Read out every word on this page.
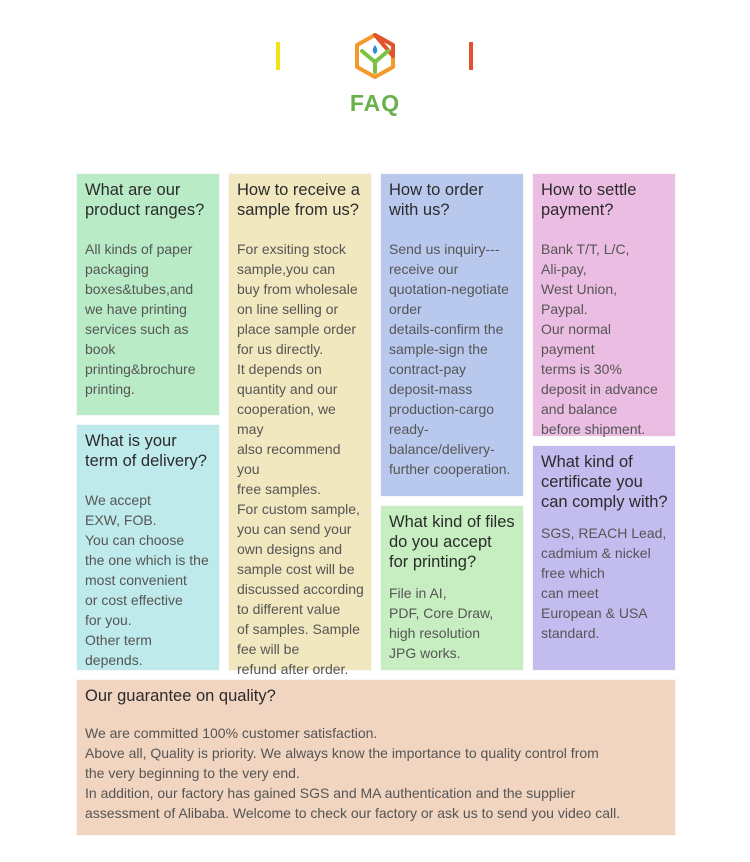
FAQ
What are our
product ranges?
All kinds of paper
packaging
boxes&tubes,and
we have printing
services such as
book
printing&brochure
printing.
What is your
term of delivery?
We accept
EXW, FOB.
You can choose
the one which is the
most convenient
or cost effective
for you.
Other term depends.
How to receive a
sample from us?
For exsiting stock
sample,you can
buy from wholesale
on line selling or
place sample order
for us directly.
It depends on
quantity and our
cooperation, we may
also recommend you
free samples.
For custom sample,
you can send your
own designs and
sample cost will be
discussed according
to different value
of samples. Sample
fee will be
refund after order.
How to order
with us?
Send us inquiry---
receive our
quotation-negotiate
order
details-confirm the
sample-sign the
contract-pay
deposit-mass
production-cargo
ready-
balance/delivery-
further cooperation.
What kind of files
do you accept
for printing?
File in AI,
PDF, Core Draw,
high resolution
JPG works.
How to settle
payment?
Bank T/T, L/C,
Ali-pay,
West Union,
Paypal.
Our normal payment
terms is 30%
deposit in advance
and balance
before shipment.
What kind of
certificate you
can comply with?
SGS, REACH Lead,
cadmium & nickel
free which
can meet
European & USA
standard.
Our guarantee on quality?
We are committed 100% customer satisfaction.
Above all, Quality is priority. We always know the importance to quality control from
the very beginning to the very end.
In addition, our factory has gained SGS and MA authentication and the supplier
assessment of Alibaba. Welcome to check our factory or ask us to send you video call.
